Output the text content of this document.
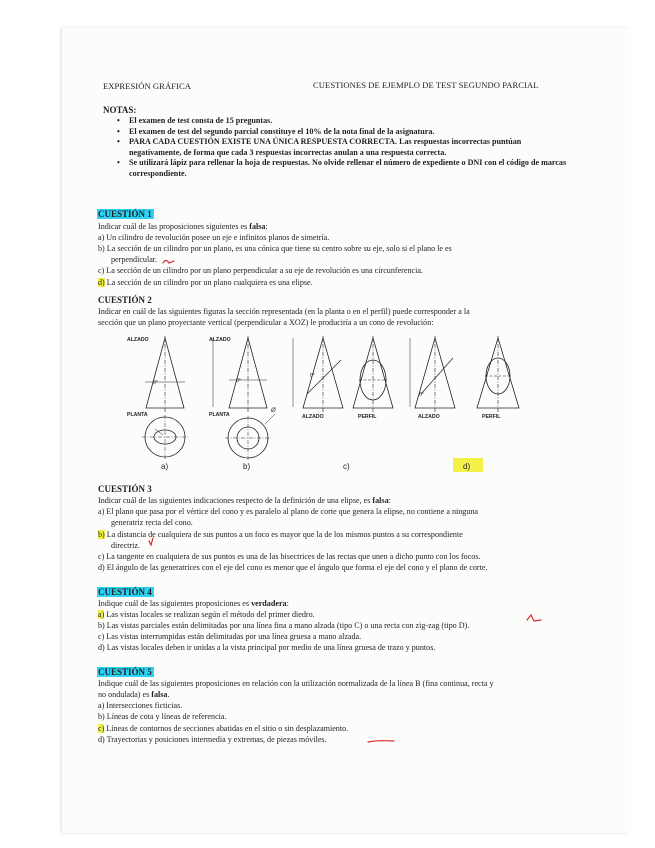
EXPRESIÓN GRÁFICA	CUESTIONES DE EJEMPLO DE TEST SEGUNDO PARCIAL
NOTAS:
• El examen de test consta de 15 preguntas.
• El examen de test del segundo parcial constituye el 10% de la nota final de la asignatura.
• PARA CADA CUESTIÓN EXISTE UNA ÚNICA RESPUESTA CORRECTA. Las respuestas incorrectas puntúan negativamente, de forma que cada 3 respuestas incorrectas anulan a una respuesta correcta.
• Se utilizará lápiz para rellenar la hoja de respuestas. No olvide rellenar el número de expediente o DNI con el código de marcas correspondiente.
CUESTIÓN 1
Indicar cuál de las proposiciones siguientes es falsa:
a) Un cilindro de revolución posee un eje e infinitos planos de simetría.
b) La sección de un cilindro por un plano, es una cónica que tiene su centro sobre su eje, solo si el plano le es
perpendicular.
c) La sección de un cilindro por un plano perpendicular a su eje de revolución es una circunferencia.
d) La sección de un cilindro por un plano cualquiera es una elipse.
CUESTIÓN 2
Indicar en cuál de las siguientes figuras la sección representada (en la planta o en el perfil) puede corresponder a la
sección que un plano proyectante vertical (perpendicular a XOZ) le produciría a un cono de revolución:
ALZADO	ALZADO
PLANTA	PLANTA	ALZADO	PERFIL	ALZADO	PERFIL
θ°	θ°
θ°
θ°
Ø
a)	b)	c)	d)
CUESTIÓN 3
Indicar cuál de las siguientes indicaciones respecto de la definición de una elipse, es falsa:
a) El plano que pasa por el vértice del cono y es paralelo al plano de corte que genera la elipse, no contiene a ninguna
generatriz recta del cono.
b) La distancia de cualquiera de sus puntos a un foco es mayor que la de los mismos puntos a su correspondiente
directriz.
c) La tangente en cualquiera de sus puntos es una de las bisectrices de las rectas que unen a dicho punto con los focos.
d) El ángulo de las generatrices con el eje del cono es menor que el ángulo que forma el eje del cono y el plano de corte.
CUESTIÓN 4
Indique cuál de las siguientes proposiciones es verdadera:
a) Las vistas locales se realizan según el método del primer diedro.
b) Las vistas parciales están delimitadas por una línea fina a mano alzada (tipo C) o una recta con zig-zag (tipo D).
c) Las vistas interrumpidas están delimitadas por una línea gruesa a mano alzada.
d) Las vistas locales deben ir unidas a la vista principal por medio de una línea gruesa de trazo y puntos.
CUESTIÓN 5
Indique cuál de las siguientes proposiciones en relación con la utilización normalizada de la línea B (fina continua, recta y
no ondulada) es falsa.
a) Intersecciones ficticias.
b) Líneas de cota y líneas de referencia.
c) Líneas de contornos de secciones abatidas en el sitio o sin desplazamiento.
d) Trayectorias y posiciones intermedia y extremas, de piezas móviles.
